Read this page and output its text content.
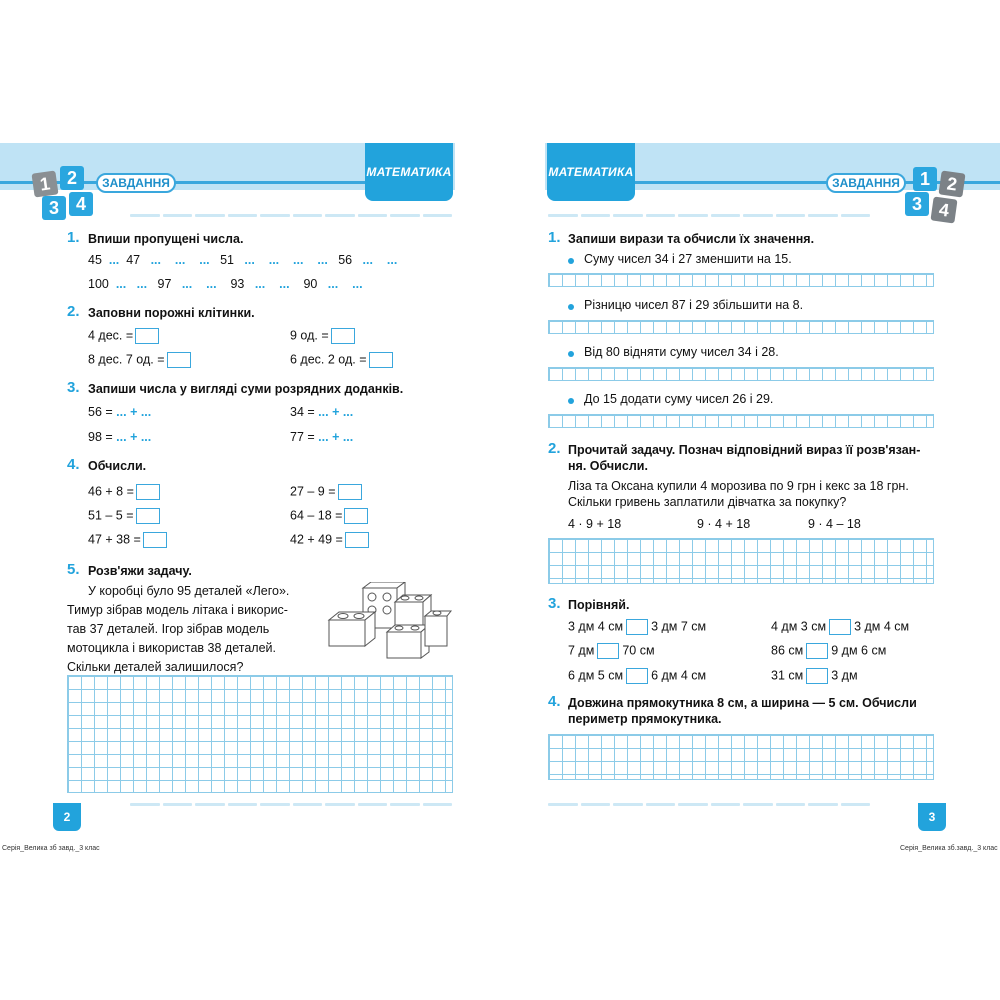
МАТЕМАТИКА	МАТЕМАТИКА
ЗАВДАННЯ	ЗАВДАННЯ
1 2
3 4
1 2
3 4
1. Впиши пропущені числа.
45 ... 47 ... ... ... 51 ... ... ... ... 56 ... ...
100 ... ... 97 ... ... 93 ... ... 90 ... ...
2. Заповни порожні клітинки.
4 дес. =	9 од. =
8 дес. 7 од. =	6 дес. 2 од. =
3. Запиши числа у вигляді суми розрядних доданків.
56 = ... + ...	34 = ... + ...
98 = ... + ...	77 = ... + ...
4. Обчисли.
46 + 8 =	27 – 9 =
51 – 5 =	64 – 18 =
47 + 38 =	42 + 49 =
5. Розв'яжи задачу.
У коробці було 95 деталей «Лего».
Тимур зібрав модель літака і викорис-
тав 37 деталей. Ігор зібрав модель
мотоцикла і використав 38 деталей.
Скільки деталей залишилося?
2
Серія_Велика зб завд._3 клас
1. Запиши вирази та обчисли їх значення.
Суму чисел 34 і 27 зменшити на 15.
Різницю чисел 87 і 29 збільшити на 8.
Від 80 відняти суму чисел 34 і 28.
До 15 додати суму чисел 26 і 29.
2. Прочитай задачу. Познач відповідний вираз її розв'язан-
ня. Обчисли.
Ліза та Оксана купили 4 морозива по 9 грн і кекс за 18 грн.
Скільки гривень заплатили дівчатка за покупку?
4 · 9 + 18	9 · 4 + 18	9 · 4 – 18
3. Порівняй.
3 дм 4 см 3 дм 7 см	4 дм 3 см 3 дм 4 см
7 дм 70 см	86 см 9 дм 6 см
6 дм 5 см 6 дм 4 см	31 см 3 дм
4. Довжина прямокутника 8 см, а ширина — 5 см. Обчисли
периметр прямокутника.
3
Серія_Велика зб.завд._3 клас
